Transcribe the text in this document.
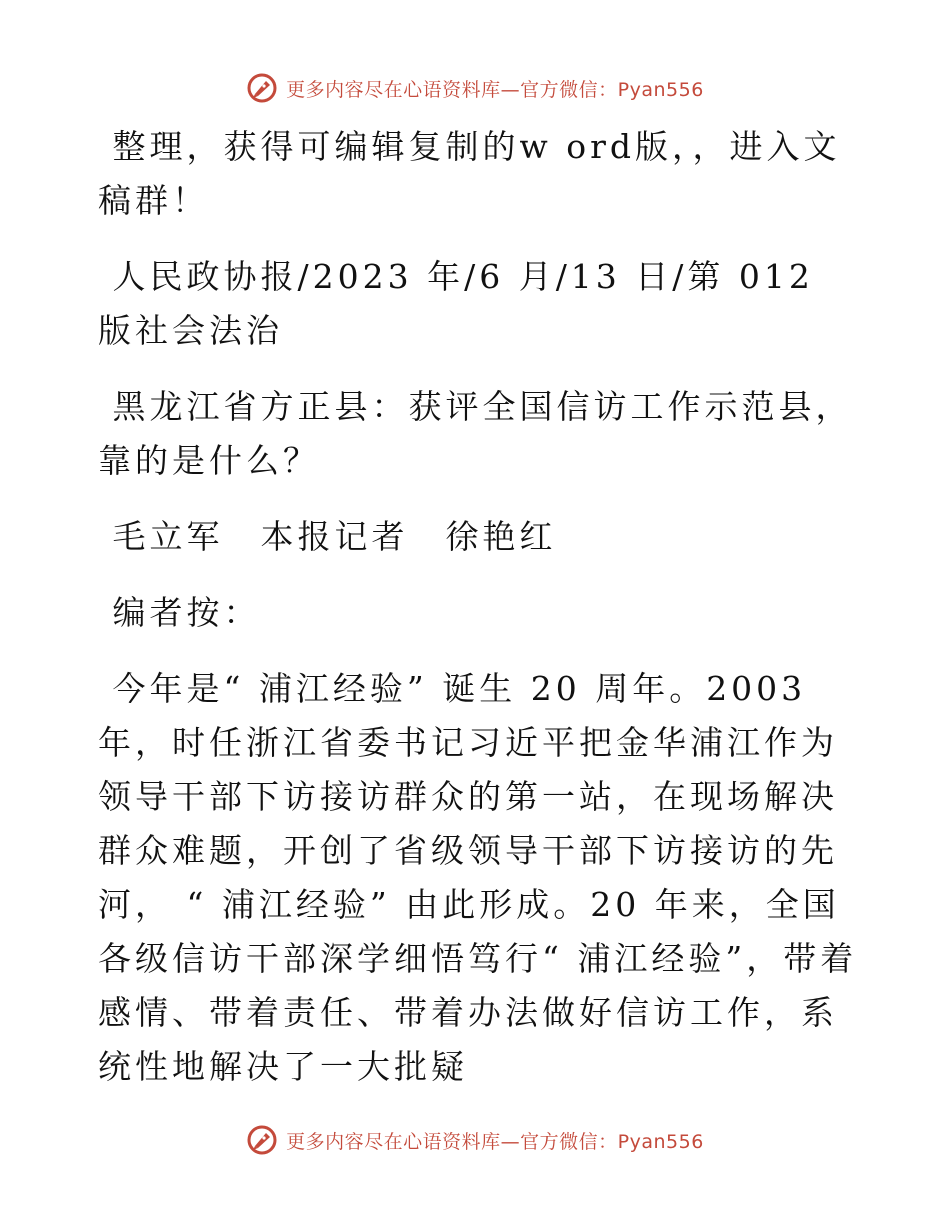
更多内容尽在心语资料库—官方微信：Pyan556

整理，获得可编辑复制的w ord版，，进入文稿群！

人民政协报/2023 年/6 月/13 日/第 012 版社会法治

黑龙江省方正县：获评全国信访工作示范县，靠的是什么？

毛立军　本报记者　徐艳红

编者按：

今年是“ 浦江经验” 诞生 20 周年。2003 年，时任浙江省委书记习近平把金华浦江作为领导干部下访接访群众的第一站，在现场解决群众难题，开创了省级领导干部下访接访的先河， “ 浦江经验” 由此形成。20 年来，全国各级信访干部深学细悟笃行“ 浦江经验”，带着感情、带着责任、带着办法做好信访工作，系统性地解决了一大批疑

更多内容尽在心语资料库—官方微信：Pyan556
